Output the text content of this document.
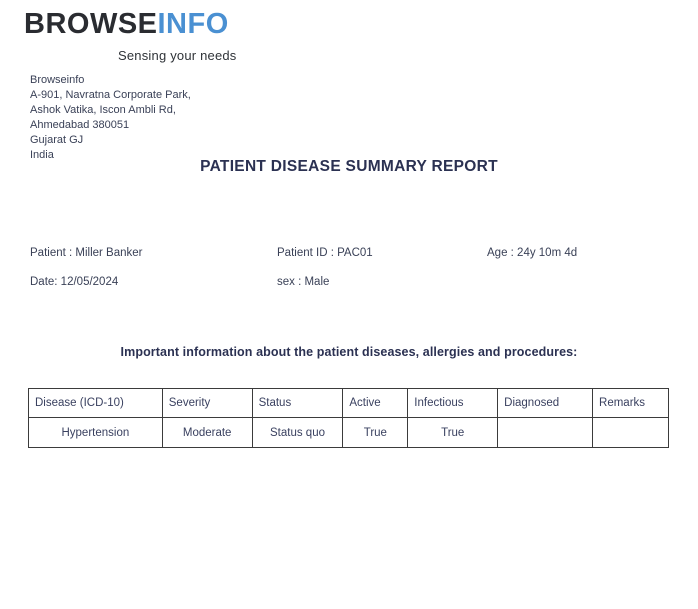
BROWSEINFO
Sensing your needs
Browseinfo
A-901, Navratna Corporate Park,
Ashok Vatika, Iscon Ambli Rd,
Ahmedabad 380051
Gujarat GJ
India
PATIENT DISEASE SUMMARY REPORT
Patient : Miller Banker	Patient ID : PAC01	Age : 24y 10m 4d
Date: 12/05/2024	sex : Male
Important information about the patient diseases, allergies and procedures:
Disease (ICD-10)	Severity	Status	Active	Infectious	Diagnosed	Remarks
Hypertension	Moderate	Status quo	True	True		
